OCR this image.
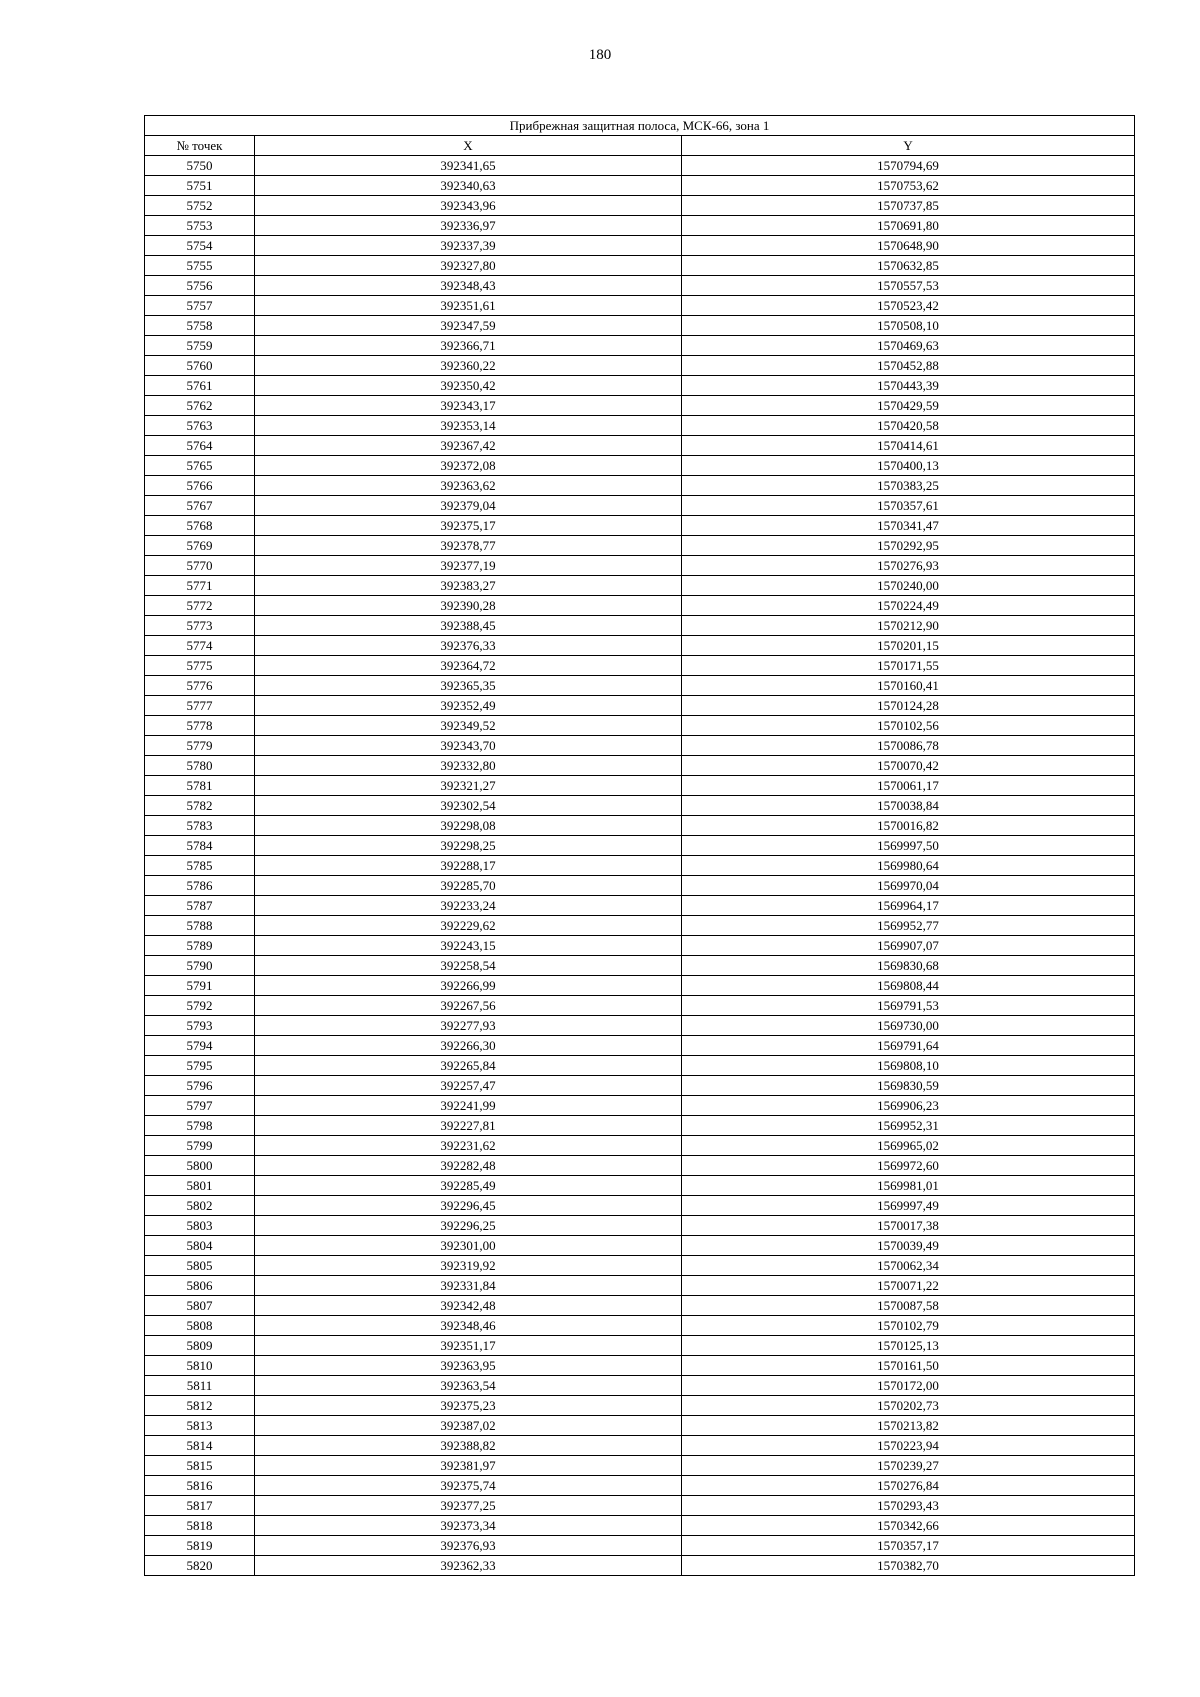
180
Прибрежная защитная полоса, МСК-66, зона 1		
№ точек	X	Y
5750	392341,65	1570794,69
5751	392340,63	1570753,62
5752	392343,96	1570737,85
5753	392336,97	1570691,80
5754	392337,39	1570648,90
5755	392327,80	1570632,85
5756	392348,43	1570557,53
5757	392351,61	1570523,42
5758	392347,59	1570508,10
5759	392366,71	1570469,63
5760	392360,22	1570452,88
5761	392350,42	1570443,39
5762	392343,17	1570429,59
5763	392353,14	1570420,58
5764	392367,42	1570414,61
5765	392372,08	1570400,13
5766	392363,62	1570383,25
5767	392379,04	1570357,61
5768	392375,17	1570341,47
5769	392378,77	1570292,95
5770	392377,19	1570276,93
5771	392383,27	1570240,00
5772	392390,28	1570224,49
5773	392388,45	1570212,90
5774	392376,33	1570201,15
5775	392364,72	1570171,55
5776	392365,35	1570160,41
5777	392352,49	1570124,28
5778	392349,52	1570102,56
5779	392343,70	1570086,78
5780	392332,80	1570070,42
5781	392321,27	1570061,17
5782	392302,54	1570038,84
5783	392298,08	1570016,82
5784	392298,25	1569997,50
5785	392288,17	1569980,64
5786	392285,70	1569970,04
5787	392233,24	1569964,17
5788	392229,62	1569952,77
5789	392243,15	1569907,07
5790	392258,54	1569830,68
5791	392266,99	1569808,44
5792	392267,56	1569791,53
5793	392277,93	1569730,00
5794	392266,30	1569791,64
5795	392265,84	1569808,10
5796	392257,47	1569830,59
5797	392241,99	1569906,23
5798	392227,81	1569952,31
5799	392231,62	1569965,02
5800	392282,48	1569972,60
5801	392285,49	1569981,01
5802	392296,45	1569997,49
5803	392296,25	1570017,38
5804	392301,00	1570039,49
5805	392319,92	1570062,34
5806	392331,84	1570071,22
5807	392342,48	1570087,58
5808	392348,46	1570102,79
5809	392351,17	1570125,13
5810	392363,95	1570161,50
5811	392363,54	1570172,00
5812	392375,23	1570202,73
5813	392387,02	1570213,82
5814	392388,82	1570223,94
5815	392381,97	1570239,27
5816	392375,74	1570276,84
5817	392377,25	1570293,43
5818	392373,34	1570342,66
5819	392376,93	1570357,17
5820	392362,33	1570382,70
